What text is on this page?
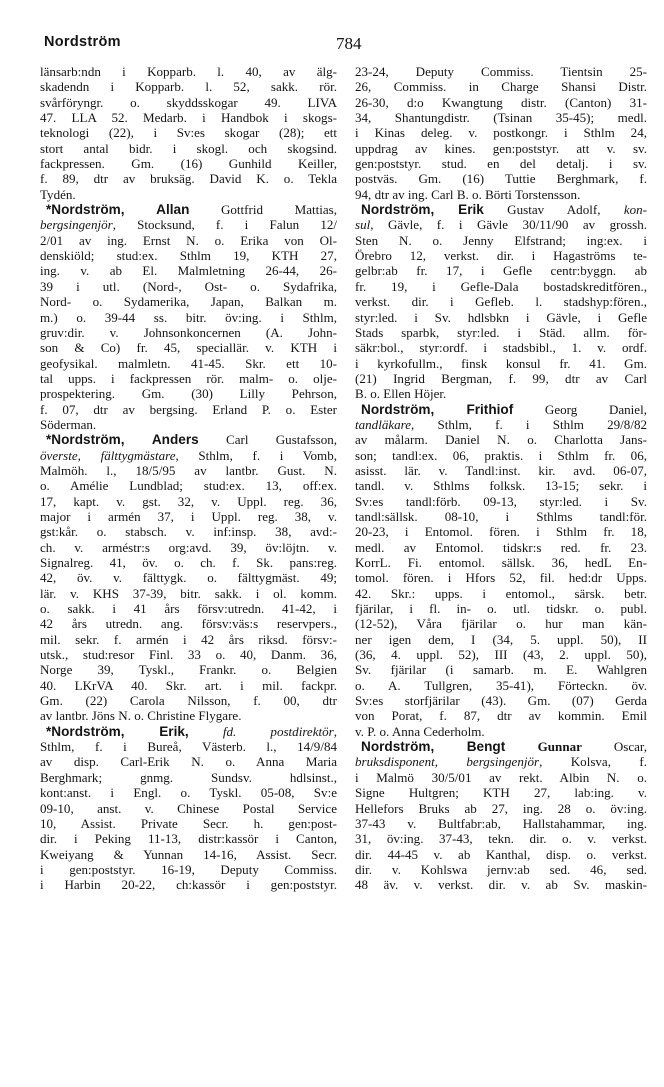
Nordström	784
länsarb:ndn i Kopparb. l. 40, av älg-
skadendn i Kopparb. l. 52, sakk. rör.
svårföryngr. o. skyddsskogar 49. LIVA
47. LLA 52. Medarb. i Handbok i skogs-
teknologi (22), i Sv:es skogar (28); ett
stort antal bidr. i skogl. och skogsind.
fackpressen. Gm. (16) Gunhild Keiller,
f. 89, dtr av bruksäg. David K. o. Tekla
Tydén.
*Nordström, Allan Gottfrid Mattias,
bergsingenjör, Stocksund, f. i Falun 12/
2/01 av ing. Ernst N. o. Erika von Ol-
denskiöld; stud:ex. Sthlm 19, KTH 27,
ing. v. ab El. Malmletning 26-44, 26-
39 i utl. (Nord-, Ost- o. Sydafrika,
Nord- o. Sydamerika, Japan, Balkan m.
m.) o. 39-44 ss. bitr. öv:ing. i Sthlm,
gruv:dir. v. Johnsonkoncernen (A. John-
son & Co) fr. 45, speciallär. v. KTH i
geofysikal. malmletn. 41-45. Skr. ett 10-
tal upps. i fackpressen rör. malm- o. olje-
prospektering. Gm. (30) Lilly Pehrson,
f. 07, dtr av bergsing. Erland P. o. Ester
Söderman.
*Nordström, Anders Carl Gustafsson,
överste, fälttygmästare, Sthlm, f. i Vomb,
Malmöh. l., 18/5/95 av lantbr. Gust. N.
o. Amélie Lundblad; stud:ex. 13, off:ex.
17, kapt. v. gst. 32, v. Uppl. reg. 36,
major i armén 37, i Uppl. reg. 38, v.
gst:kår. o. stabsch. v. inf:insp. 38, avd:-
ch. v. arméstr:s org:avd. 39, öv:löjtn. v.
Signalreg. 41, öv. o. ch. f. Sk. pans:reg.
42, öv. v. fälttygk. o. fälttygmäst. 49;
lär. v. KHS 37-39, bitr. sakk. i ol. komm.
o. sakk. i 41 års försv:utredn. 41-42, i
42 års utredn. ang. försv:väs:s reservpers.,
mil. sekr. f. armén i 42 års riksd. försv:-
utsk., stud:resor Finl. 33 o. 40, Danm. 36,
Norge 39, Tyskl., Frankr. o. Belgien
40. LKrVA 40. Skr. art. i mil. fackpr.
Gm. (22) Carola Nilsson, f. 00, dtr
av lantbr. Jöns N. o. Christine Flygare.
*Nordström, Erik,	fd. postdirektör,
Sthlm, f. i Bureå, Västerb. l., 14/9/84
av disp. Carl-Erik N. o. Anna Maria
Berghmark; gnmg. Sundsv. hdlsinst.,
kont:anst. i Engl. o. Tyskl. 05-08, Sv:e
09-10, anst. v. Chinese Postal Service
10, Assist. Private Secr. h. gen:post-
dir. i Peking 11-13, distr:kassör i Canton,
Kweiyang & Yunnan 14-16, Assist. Secr.
i gen:poststyr. 16-19, Deputy Commiss.
i Harbin 20-22, ch:kassör i gen:poststyr.
23-24, Deputy Commiss. Tientsin 25-
26, Commiss. in Charge Shansi Distr.
26-30, d:o Kwangtung distr. (Canton) 31-
34, Shantungdistr. (Tsinan 35-45); medl.
i Kinas deleg. v. postkongr. i Sthlm 24,
uppdrag av kines. gen:poststyr. att v. sv.
gen:poststyr. stud. en del detalj. i sv.
postväs. Gm. (16) Tuttie Berghmark, f.
94, dtr av ing. Carl B. o. Börti Torstensson.
Nordström, Erik Gustav Adolf, kon-
sul, Gävle, f. i Gävle 30/11/90 av grossh.
Sten N. o. Jenny Elfstrand; ing:ex. i
Örebro 12, verkst. dir. i Hagaströms te-
gelbr:ab fr. 17, i Gefle centr:byggn. ab
fr. 19, i Gefle-Dala bostadskreditfören.,
verkst. dir. i Gefleb. l. stadshyp:fören.,
styr:led. i Sv. hdlsbkn i Gävle, i Gefle
Stads sparbk, styr:led. i Städ. allm. för-
säkr:bol., styr:ordf. i stadsbibl., 1. v. ordf.
i kyrkofullm., finsk konsul fr. 41. Gm.
(21) Ingrid Bergman, f. 99, dtr av Carl
B. o. Ellen Höjer.
Nordström, Frithiof Georg Daniel,
tandläkare, Sthlm, f. i Sthlm 29/8/82
av målarm. Daniel N. o. Charlotta Jans-
son; tandl:ex. 06, praktis. i Sthlm fr. 06,
asisst. lär. v. Tandl:inst. kir. avd. 06-07,
tandl. v. Sthlms folksk. 13-15; sekr. i
Sv:es tandl:förb. 09-13, styr:led. i Sv.
tandl:sällsk. 08-10, i Sthlms tandl:för.
20-23, i Entomol. fören. i Sthlm fr. 18,
medl. av Entomol. tidskr:s red. fr. 23.
KorrL. Fi. entomol. sällsk. 36, hedL En-
tomol. fören. i Hfors 52, fil. hed:dr Upps.
42. Skr.: upps. i entomol., särsk. betr.
fjärilar, i fl. in- o. utl. tidskr. o. publ.
(12-52), Våra fjärilar o. hur man kän-
ner igen dem, I (34, 5. uppl. 50), II
(36, 4. uppl. 52), III (43, 2. uppl. 50),
Sv. fjärilar (i samarb. m. E. Wahlgren
o. A. Tullgren, 35-41), Förteckn. öv.
Sv:es storfjärilar (43). Gm. (07) Gerda
von Porat, f. 87, dtr av kommin. Emil
v. P. o. Anna Cederholm.
Nordström, Bengt Gunnar Oscar,
bruksdisponent, bergsingenjör, Kolsva, f.
i Malmö 30/5/01 av rekt. Albin N. o.
Signe Hultgren; KTH 27, lab:ing. v.
Hellefors Bruks ab 27, ing. 28 o. öv:ing.
37-43 v. Bultfabr:ab, Hallstahammar, ing.
31, öv:ing. 37-43, tekn. dir. o. v. verkst.
dir. 44-45 v. ab Kanthal, disp. o. verkst.
dir. v. Kohlswa jernv:ab sed. 46, sed.
48 äv. v. verkst. dir. v. ab Sv. maskin-
